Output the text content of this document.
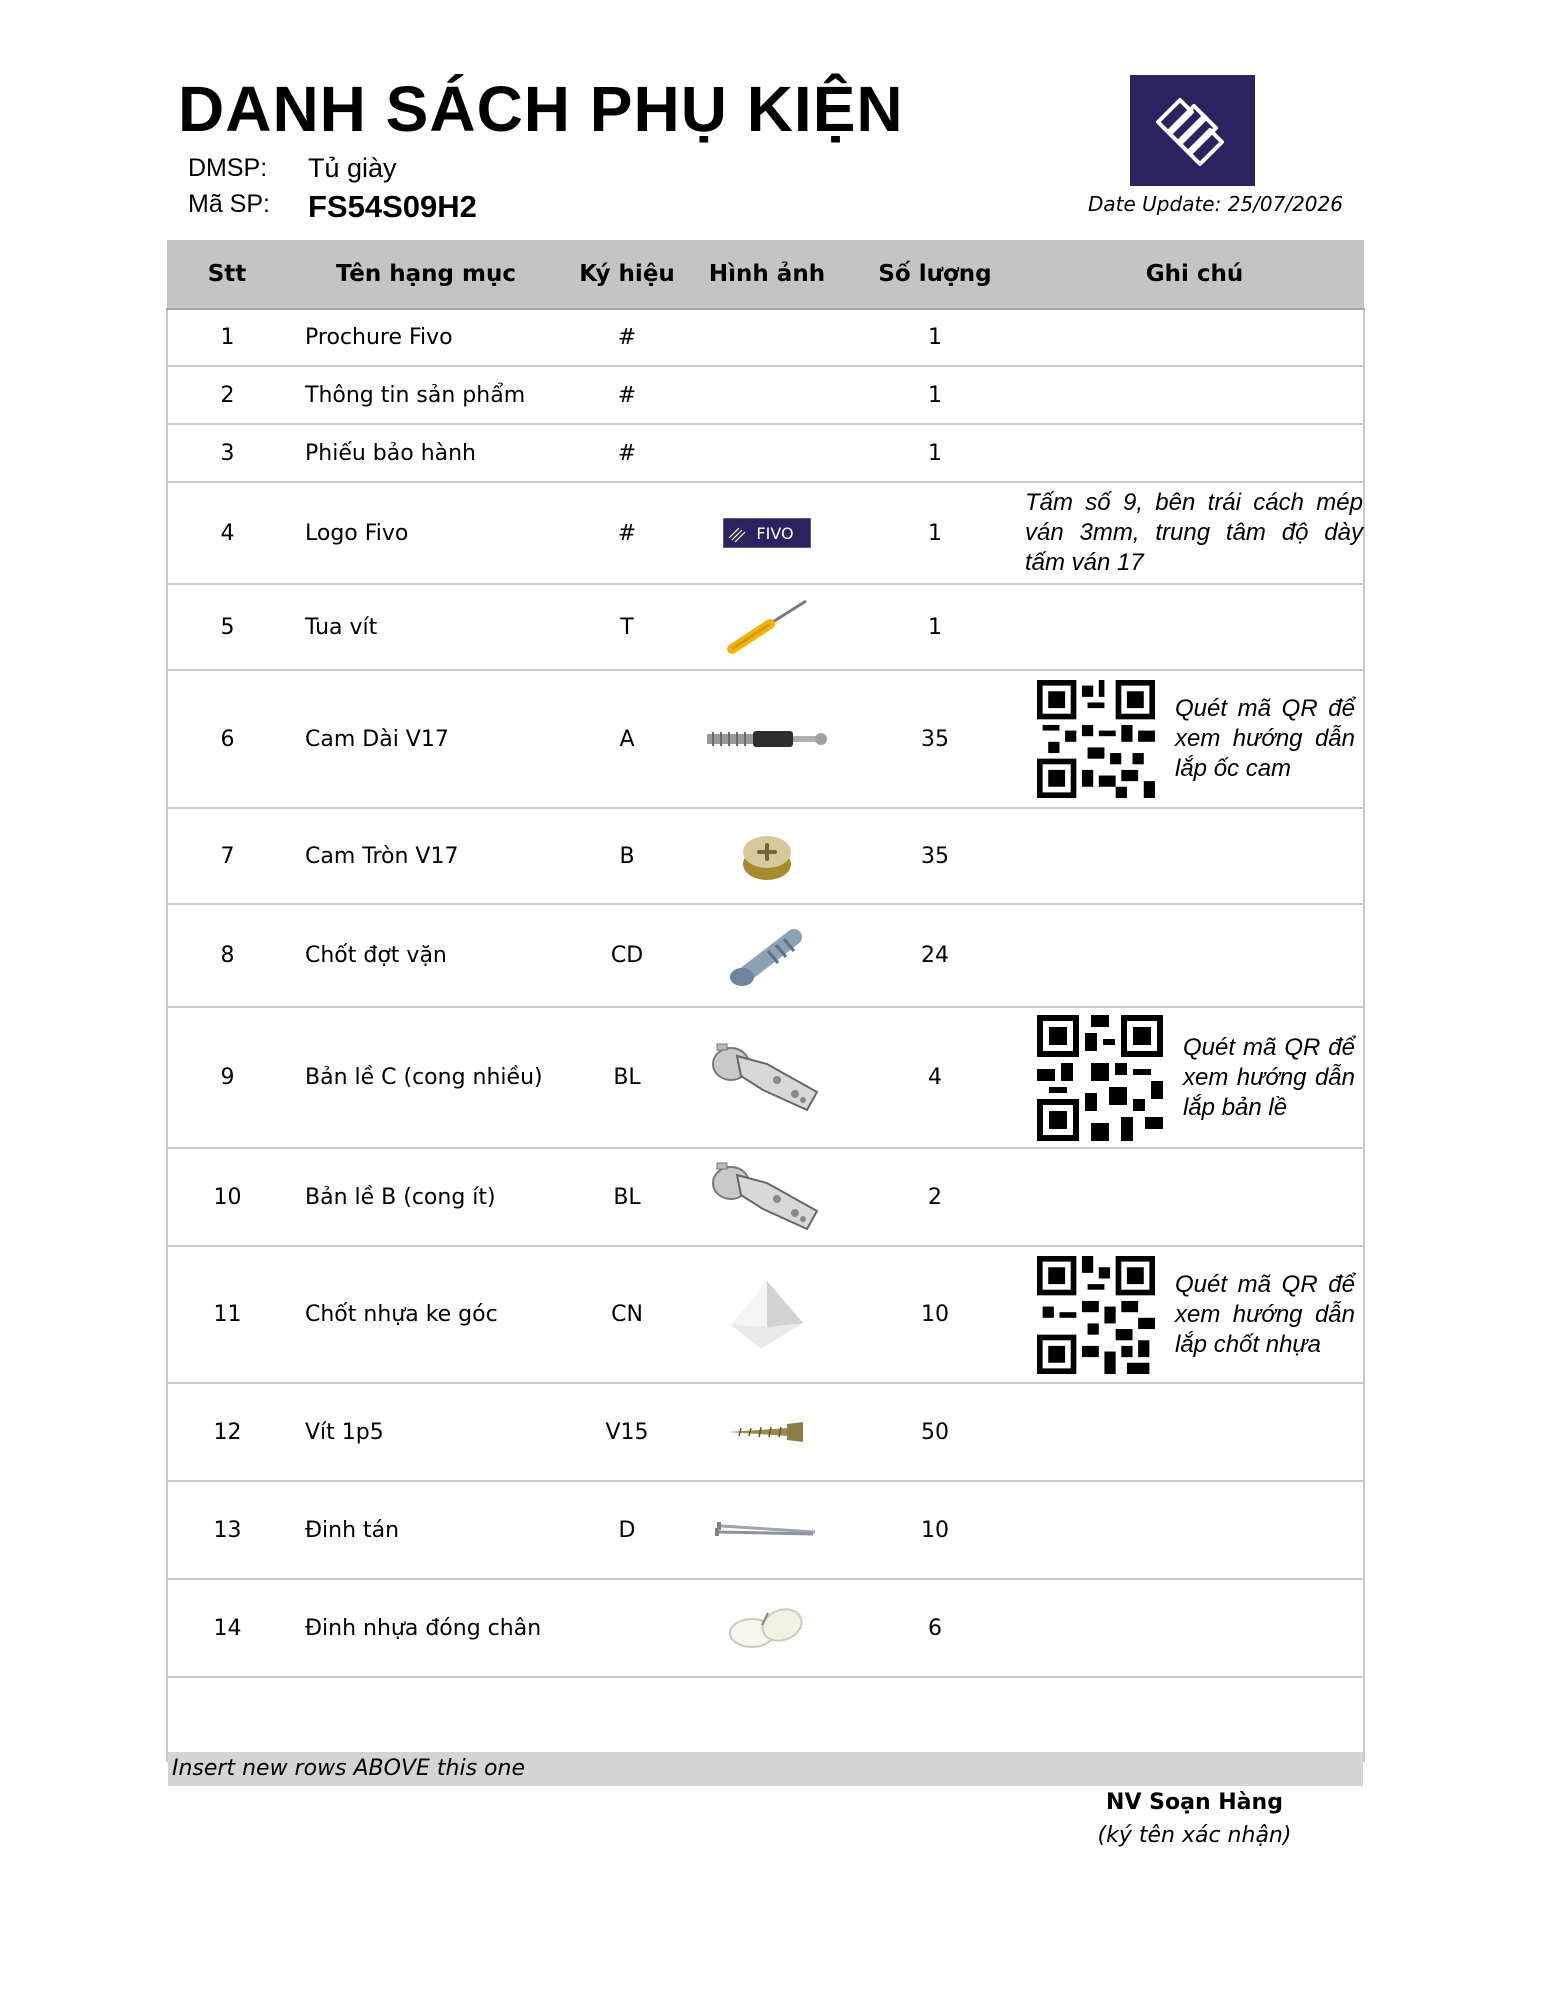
DANH SÁCH PHỤ KIỆN
DMSP: Tủ giày
Mã SP: FS54S09H2	Date Update: 25/07/2026
Stt	Tên hạng mục	Ký hiệu	Hình ảnh	Số lượng	Ghi chú
1	Prochure Fivo	#		1	
2	Thông tin sản phẩm	#		1	
3	Phiếu bảo hành	#		1	
4	Logo Fivo	#	FIVO	1	Tấm số 9, bên trái cách mép ván 3mm, trung tâm độ dày tấm ván 17
5	Tua vít	T		1	
6	Cam Dài V17	A		35	Quét mã QR để xem hướng dẫn lắp ốc cam

7	Cam Tròn V17	B		35	
8	Chốt đợt vặn	CD		24	
9	Bản lề C (cong nhiều)	BL		4	Quét mã QR để xem hướng dẫn lắp bản lề

10	Bản lề B (cong ít)	BL		2	
11	Chốt nhựa ke góc	CN		10	Quét mã QR để xem hướng dẫn lắp chốt nhựa

12	Vít 1p5	V15		50	
13	Đinh tán	D		10	
14	Đinh nhựa đóng chân			6	

Insert new rows ABOVE this one
NV Soạn Hàng
(ký tên xác nhận)
